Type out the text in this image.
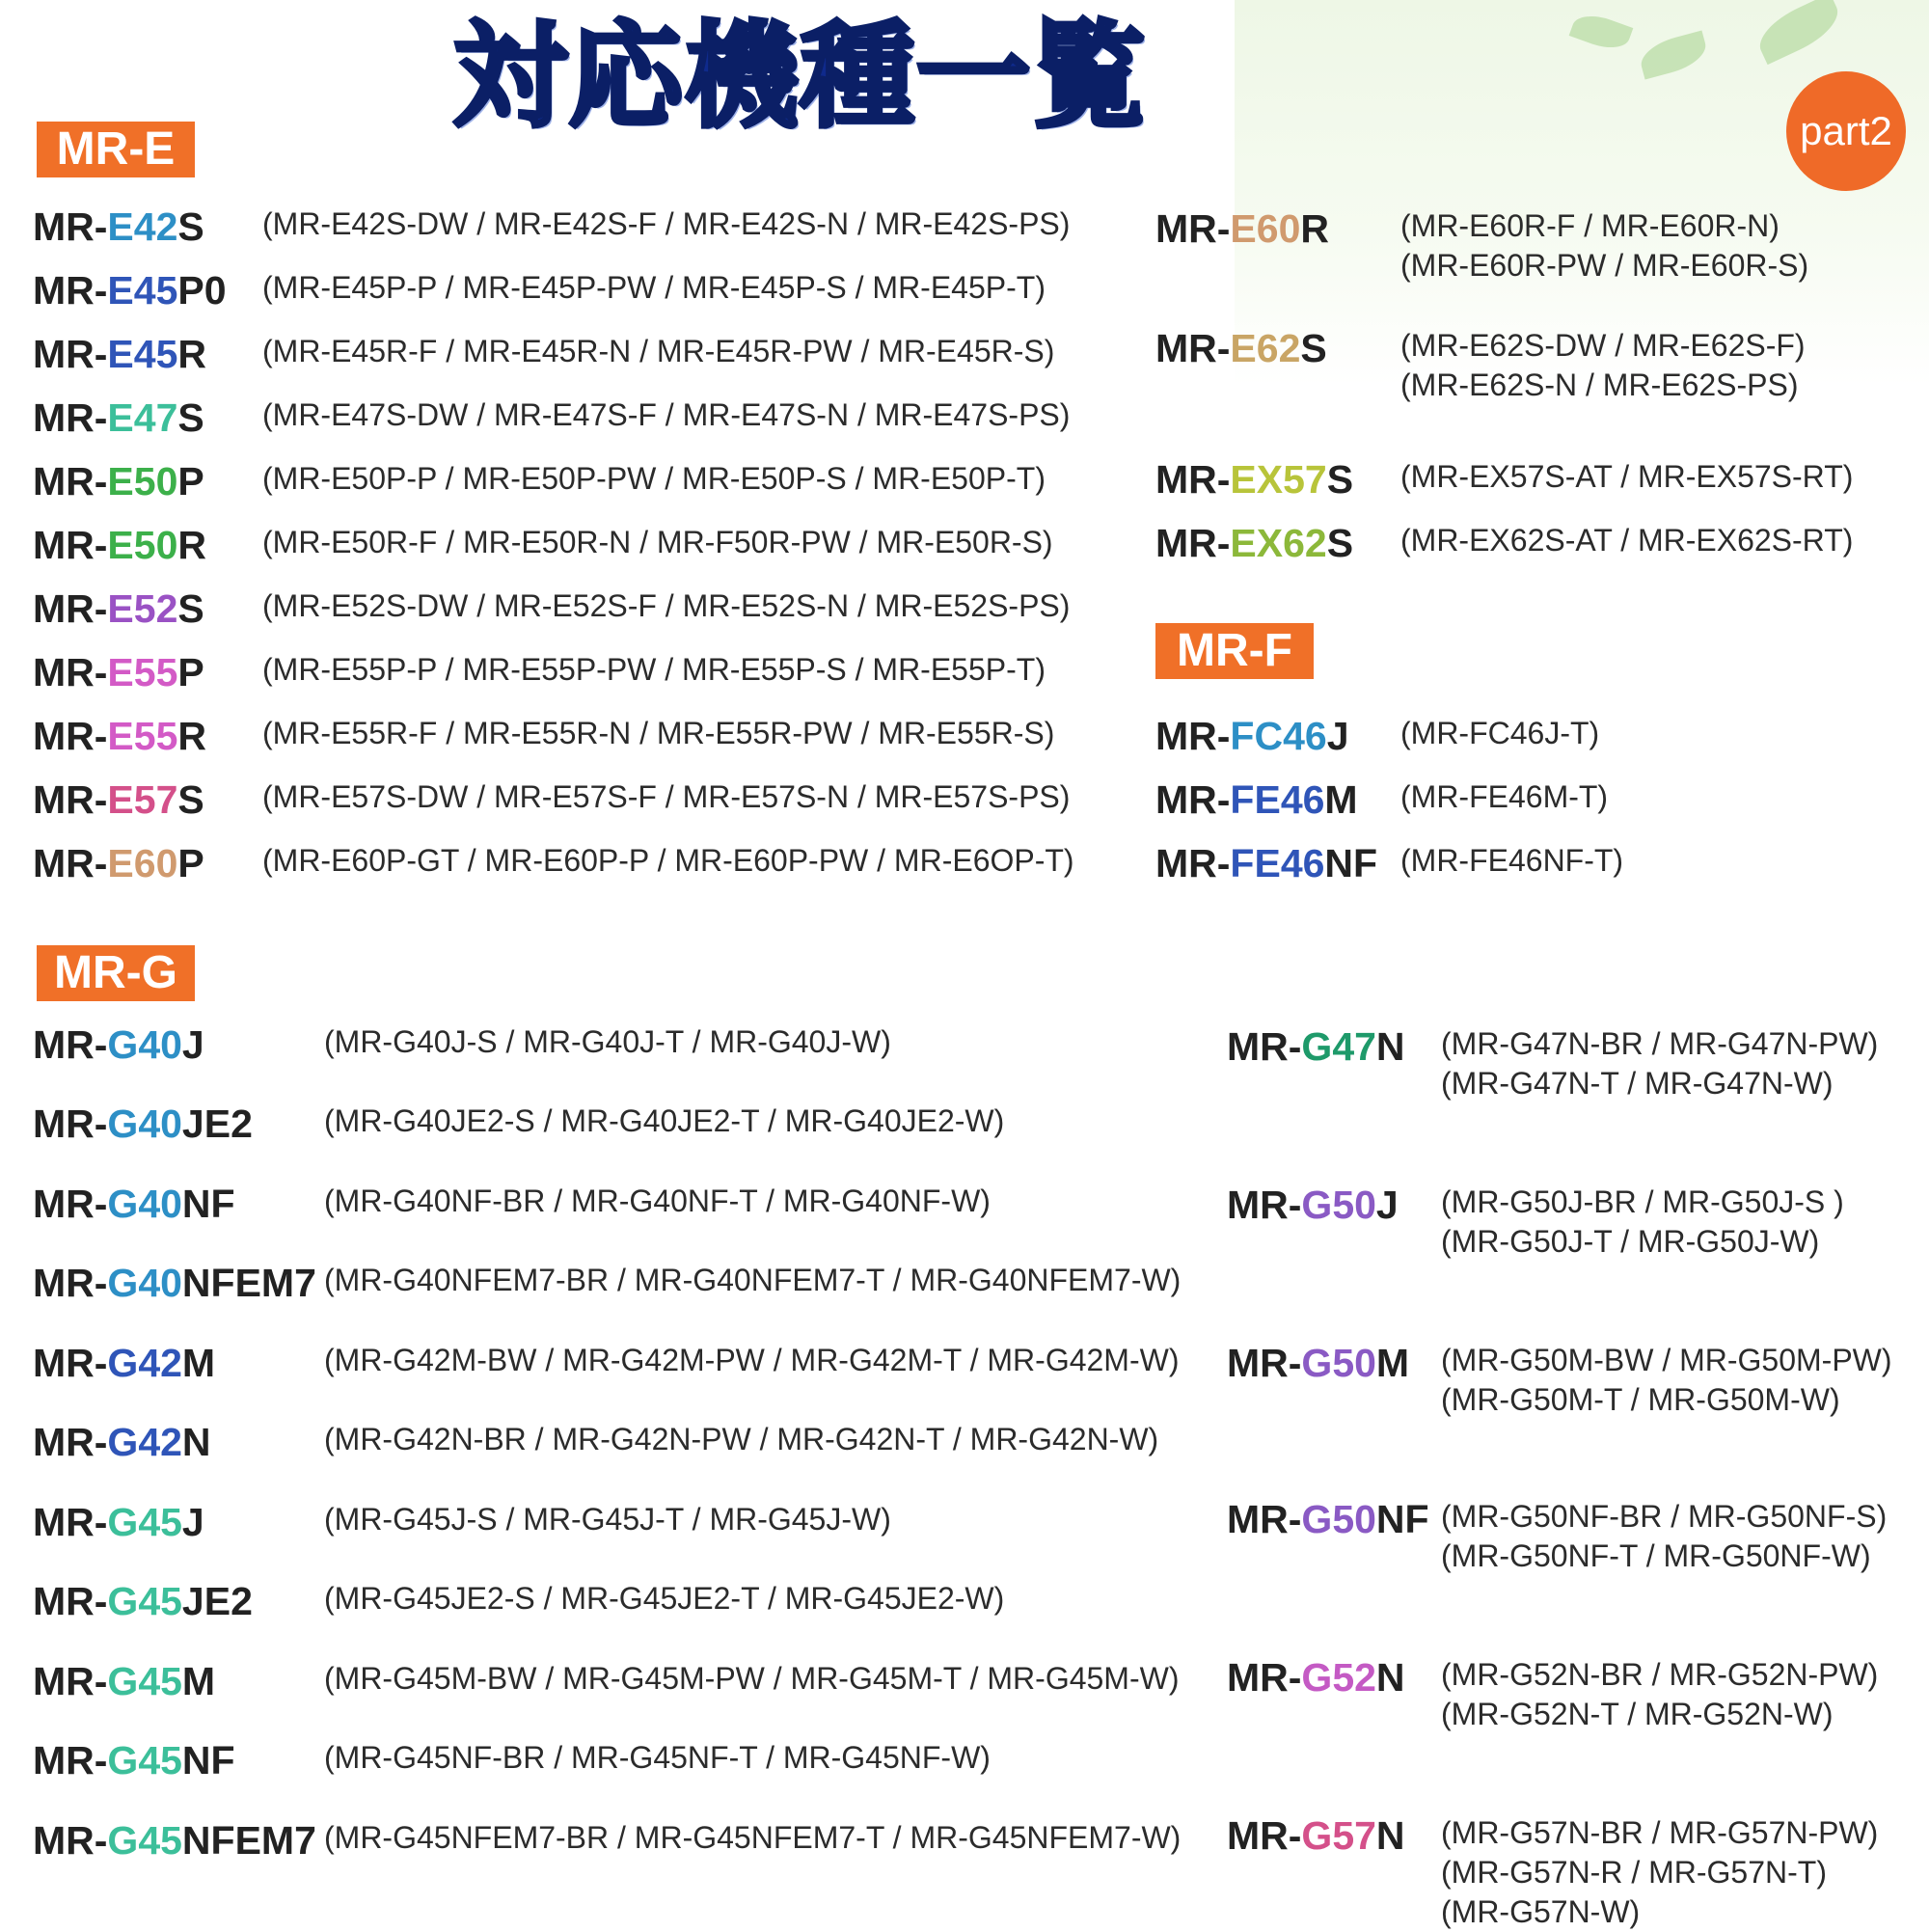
対応機種一覧	part2
MR-E
MR-F
MR-G
MR-E42S	(MR-E42S-DW / MR-E42S-F / MR-E42S-N / MR-E42S-PS)
MR-E45P0	(MR-E45P-P / MR-E45P-PW / MR-E45P-S / MR-E45P-T)
MR-E45R	(MR-E45R-F / MR-E45R-N / MR-E45R-PW / MR-E45R-S)
MR-E47S	(MR-E47S-DW / MR-E47S-F / MR-E47S-N / MR-E47S-PS)
MR-E50P	(MR-E50P-P / MR-E50P-PW / MR-E50P-S / MR-E50P-T)
MR-E50R	(MR-E50R-F / MR-E50R-N / MR-F50R-PW / MR-E50R-S)
MR-E52S	(MR-E52S-DW / MR-E52S-F / MR-E52S-N / MR-E52S-PS)
MR-E55P	(MR-E55P-P / MR-E55P-PW / MR-E55P-S / MR-E55P-T)
MR-E55R	(MR-E55R-F / MR-E55R-N / MR-E55R-PW / MR-E55R-S)
MR-E57S	(MR-E57S-DW / MR-E57S-F / MR-E57S-N / MR-E57S-PS)
MR-E60P	(MR-E60P-GT / MR-E60P-P / MR-E60P-PW / MR-E6OP-T)
MR-E60R	(MR-E60R-F / MR-E60R-N)
(MR-E60R-PW / MR-E60R-S)
MR-E62S	(MR-E62S-DW / MR-E62S-F)
(MR-E62S-N / MR-E62S-PS)
MR-EX57S	(MR-EX57S-AT / MR-EX57S-RT)
MR-EX62S	(MR-EX62S-AT / MR-EX62S-RT)
MR-FC46J	(MR-FC46J-T)
MR-FE46M	(MR-FE46M-T)
MR-FE46NF (MR-FE46NF-T)
MR-G40J	(MR-G40J-S / MR-G40J-T / MR-G40J-W)
MR-G40JE2	(MR-G40JE2-S / MR-G40JE2-T / MR-G40JE2-W)
MR-G40NF	(MR-G40NF-BR / MR-G40NF-T / MR-G40NF-W)
MR-G40NFEM7 (MR-G40NFEM7-BR / MR-G40NFEM7-T / MR-G40NFEM7-W)
MR-G42M	(MR-G42M-BW / MR-G42M-PW / MR-G42M-T / MR-G42M-W)
MR-G42N	(MR-G42N-BR / MR-G42N-PW / MR-G42N-T / MR-G42N-W)
MR-G45J	(MR-G45J-S / MR-G45J-T / MR-G45J-W)
MR-G45JE2	(MR-G45JE2-S / MR-G45JE2-T / MR-G45JE2-W)
MR-G45M	(MR-G45M-BW / MR-G45M-PW / MR-G45M-T / MR-G45M-W)
MR-G45NF	(MR-G45NF-BR / MR-G45NF-T / MR-G45NF-W)
MR-G45NFEM7 (MR-G45NFEM7-BR / MR-G45NFEM7-T / MR-G45NFEM7-W)
MR-G47N	(MR-G47N-BR / MR-G47N-PW)
(MR-G47N-T / MR-G47N-W)
MR-G50J	(MR-G50J-BR / MR-G50J-S )
(MR-G50J-T / MR-G50J-W)
MR-G50M	(MR-G50M-BW / MR-G50M-PW)
(MR-G50M-T / MR-G50M-W)
MR-G50NF (MR-G50NF-BR / MR-G50NF-S)
(MR-G50NF-T / MR-G50NF-W)
MR-G52N	(MR-G52N-BR / MR-G52N-PW)
(MR-G52N-T / MR-G52N-W)
MR-G57N	(MR-G57N-BR / MR-G57N-PW)
(MR-G57N-R / MR-G57N-T)
(MR-G57N-W)
